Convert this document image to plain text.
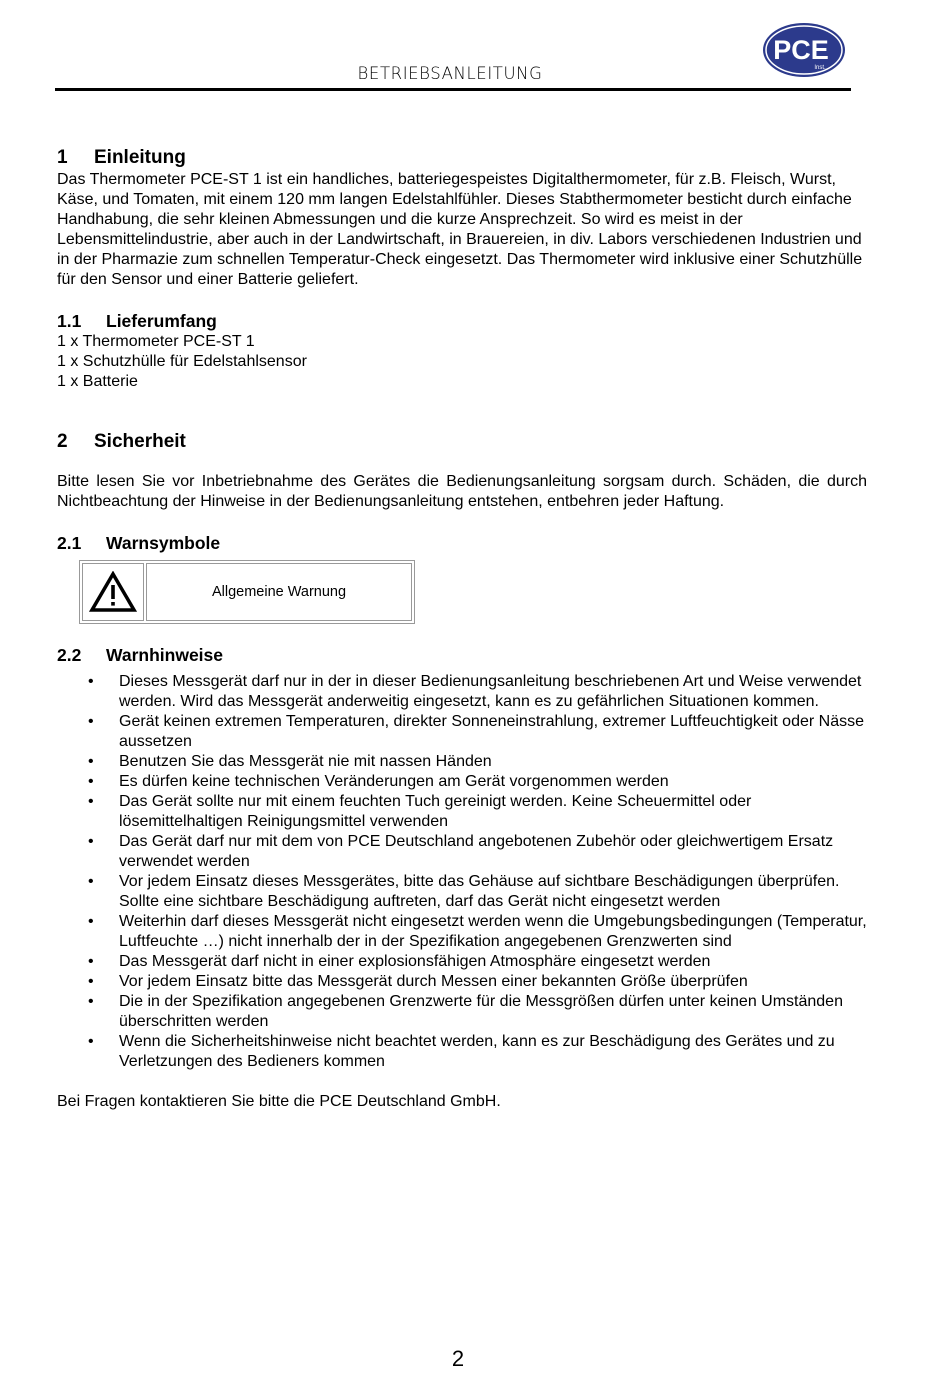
BETRIEBSANLEITUNG
PCE
Inst.
1 Einleitung

Das Thermometer PCE-ST 1 ist ein handliches, batteriegespeistes Digitalthermometer, für z.B. Fleisch, Wurst, Käse, und Tomaten, mit einem 120 mm langen Edelstahlfühler. Dieses Stabthermometer besticht durch einfache Handhabung, die sehr kleinen Abmessungen und die kurze Ansprechzeit. So wird es meist in der Lebensmittelindustrie, aber auch in der Landwirtschaft, in Brauereien, in div. Labors verschiedenen Industrien und in der Pharmazie zum schnellen Temperatur-Check eingesetzt. Das Thermometer wird inklusive einer Schutzhülle für den Sensor und einer Batterie geliefert.

1.1 Lieferumfang
1 x Thermometer PCE-ST 1
1 x Schutzhülle für Edelstahlsensor
1 x Batterie
2 Sicherheit

Bitte lesen Sie vor Inbetriebnahme des Gerätes die Bedienungsanleitung sorgsam durch. Schäden, die durch Nichtbeachtung der Hinweise in der Bedienungsanleitung entstehen, entbehren jeder Haftung.

2.1 Warnsymbole
Allgemeine Warnung
2.2 Warnhinweise
• Dieses Messgerät darf nur in der in dieser Bedienungsanleitung beschriebenen Art und Weise verwendet werden. Wird das Messgerät anderweitig eingesetzt, kann es zu gefährlichen Situationen kommen.
• Gerät keinen extremen Temperaturen, direkter Sonneneinstrahlung, extremer Luftfeuchtigkeit oder Nässe aussetzen
• Benutzen Sie das Messgerät nie mit nassen Händen
• Es dürfen keine technischen Veränderungen am Gerät vorgenommen werden
• Das Gerät sollte nur mit einem feuchten Tuch gereinigt werden. Keine Scheuermittel oder lösemittelhaltigen Reinigungsmittel verwenden
• Das Gerät darf nur mit dem von PCE Deutschland angebotenen Zubehör oder gleichwertigem Ersatz verwendet werden
• Vor jedem Einsatz dieses Messgerätes, bitte das Gehäuse auf sichtbare Beschädigungen überprüfen. Sollte eine sichtbare Beschädigung auftreten, darf das Gerät nicht eingesetzt werden
• Weiterhin darf dieses Messgerät nicht eingesetzt werden wenn die Umgebungsbedingungen (Temperatur, Luftfeuchte …) nicht innerhalb der in der Spezifikation angegebenen Grenzwerten sind
• Das Messgerät darf nicht in einer explosionsfähigen Atmosphäre eingesetzt werden
• Vor jedem Einsatz bitte das Messgerät durch Messen einer bekannten Größe überprüfen
• Die in der Spezifikation angegebenen Grenzwerte für die Messgrößen dürfen unter keinen Umständen überschritten werden
• Wenn die Sicherheitshinweise nicht beachtet werden, kann es zur Beschädigung des Gerätes und zu Verletzungen des Bedieners kommen

Bei Fragen kontaktieren Sie bitte die PCE Deutschland GmbH.

2
